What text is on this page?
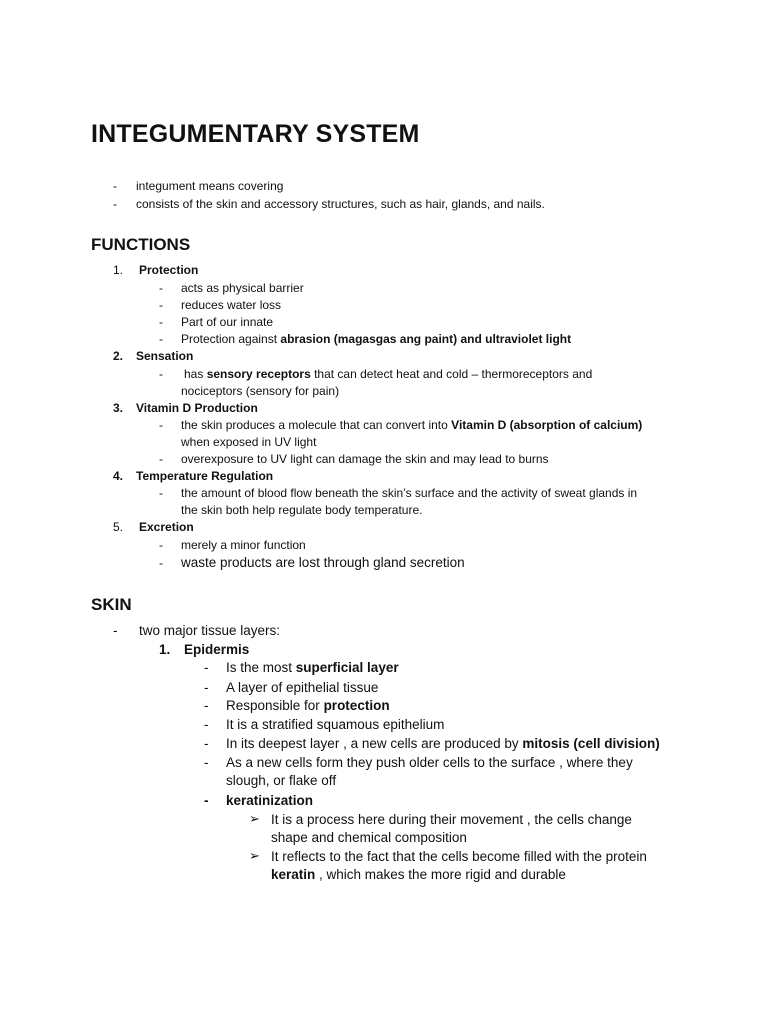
INTEGUMENTARY SYSTEM
- integument means covering
- consists of the skin and accessory structures, such as hair, glands, and nails.
FUNCTIONS
1. Protection
- acts as physical barrier
- reduces water loss
- Part of our innate
- Protection against abrasion (magasgas ang paint) and ultraviolet light
2. Sensation
- has sensory receptors that can detect heat and cold – thermoreceptors and
nociceptors (sensory for pain)
3. Vitamin D Production
- the skin produces a molecule that can convert into Vitamin D (absorption of calcium)
when exposed in UV light
- overexposure to UV light can damage the skin and may lead to burns
4. Temperature Regulation
- the amount of blood flow beneath the skin’s surface and the activity of sweat glands in
the skin both help regulate body temperature.
5. Excretion
- merely a minor function
- waste products are lost through gland secretion
SKIN
- two major tissue layers:
1. Epidermis
- Is the most superficial layer
- A layer of epithelial tissue
- Responsible for protection
- It is a stratified squamous epithelium
- In its deepest layer , a new cells are produced by mitosis (cell division)
- As a new cells form they push older cells to the surface , where they
slough, or flake off
- keratinization
➢ It is a process here during their movement , the cells change
shape and chemical composition
➢ It reflects to the fact that the cells become filled with the protein
keratin , which makes the more rigid and durable
